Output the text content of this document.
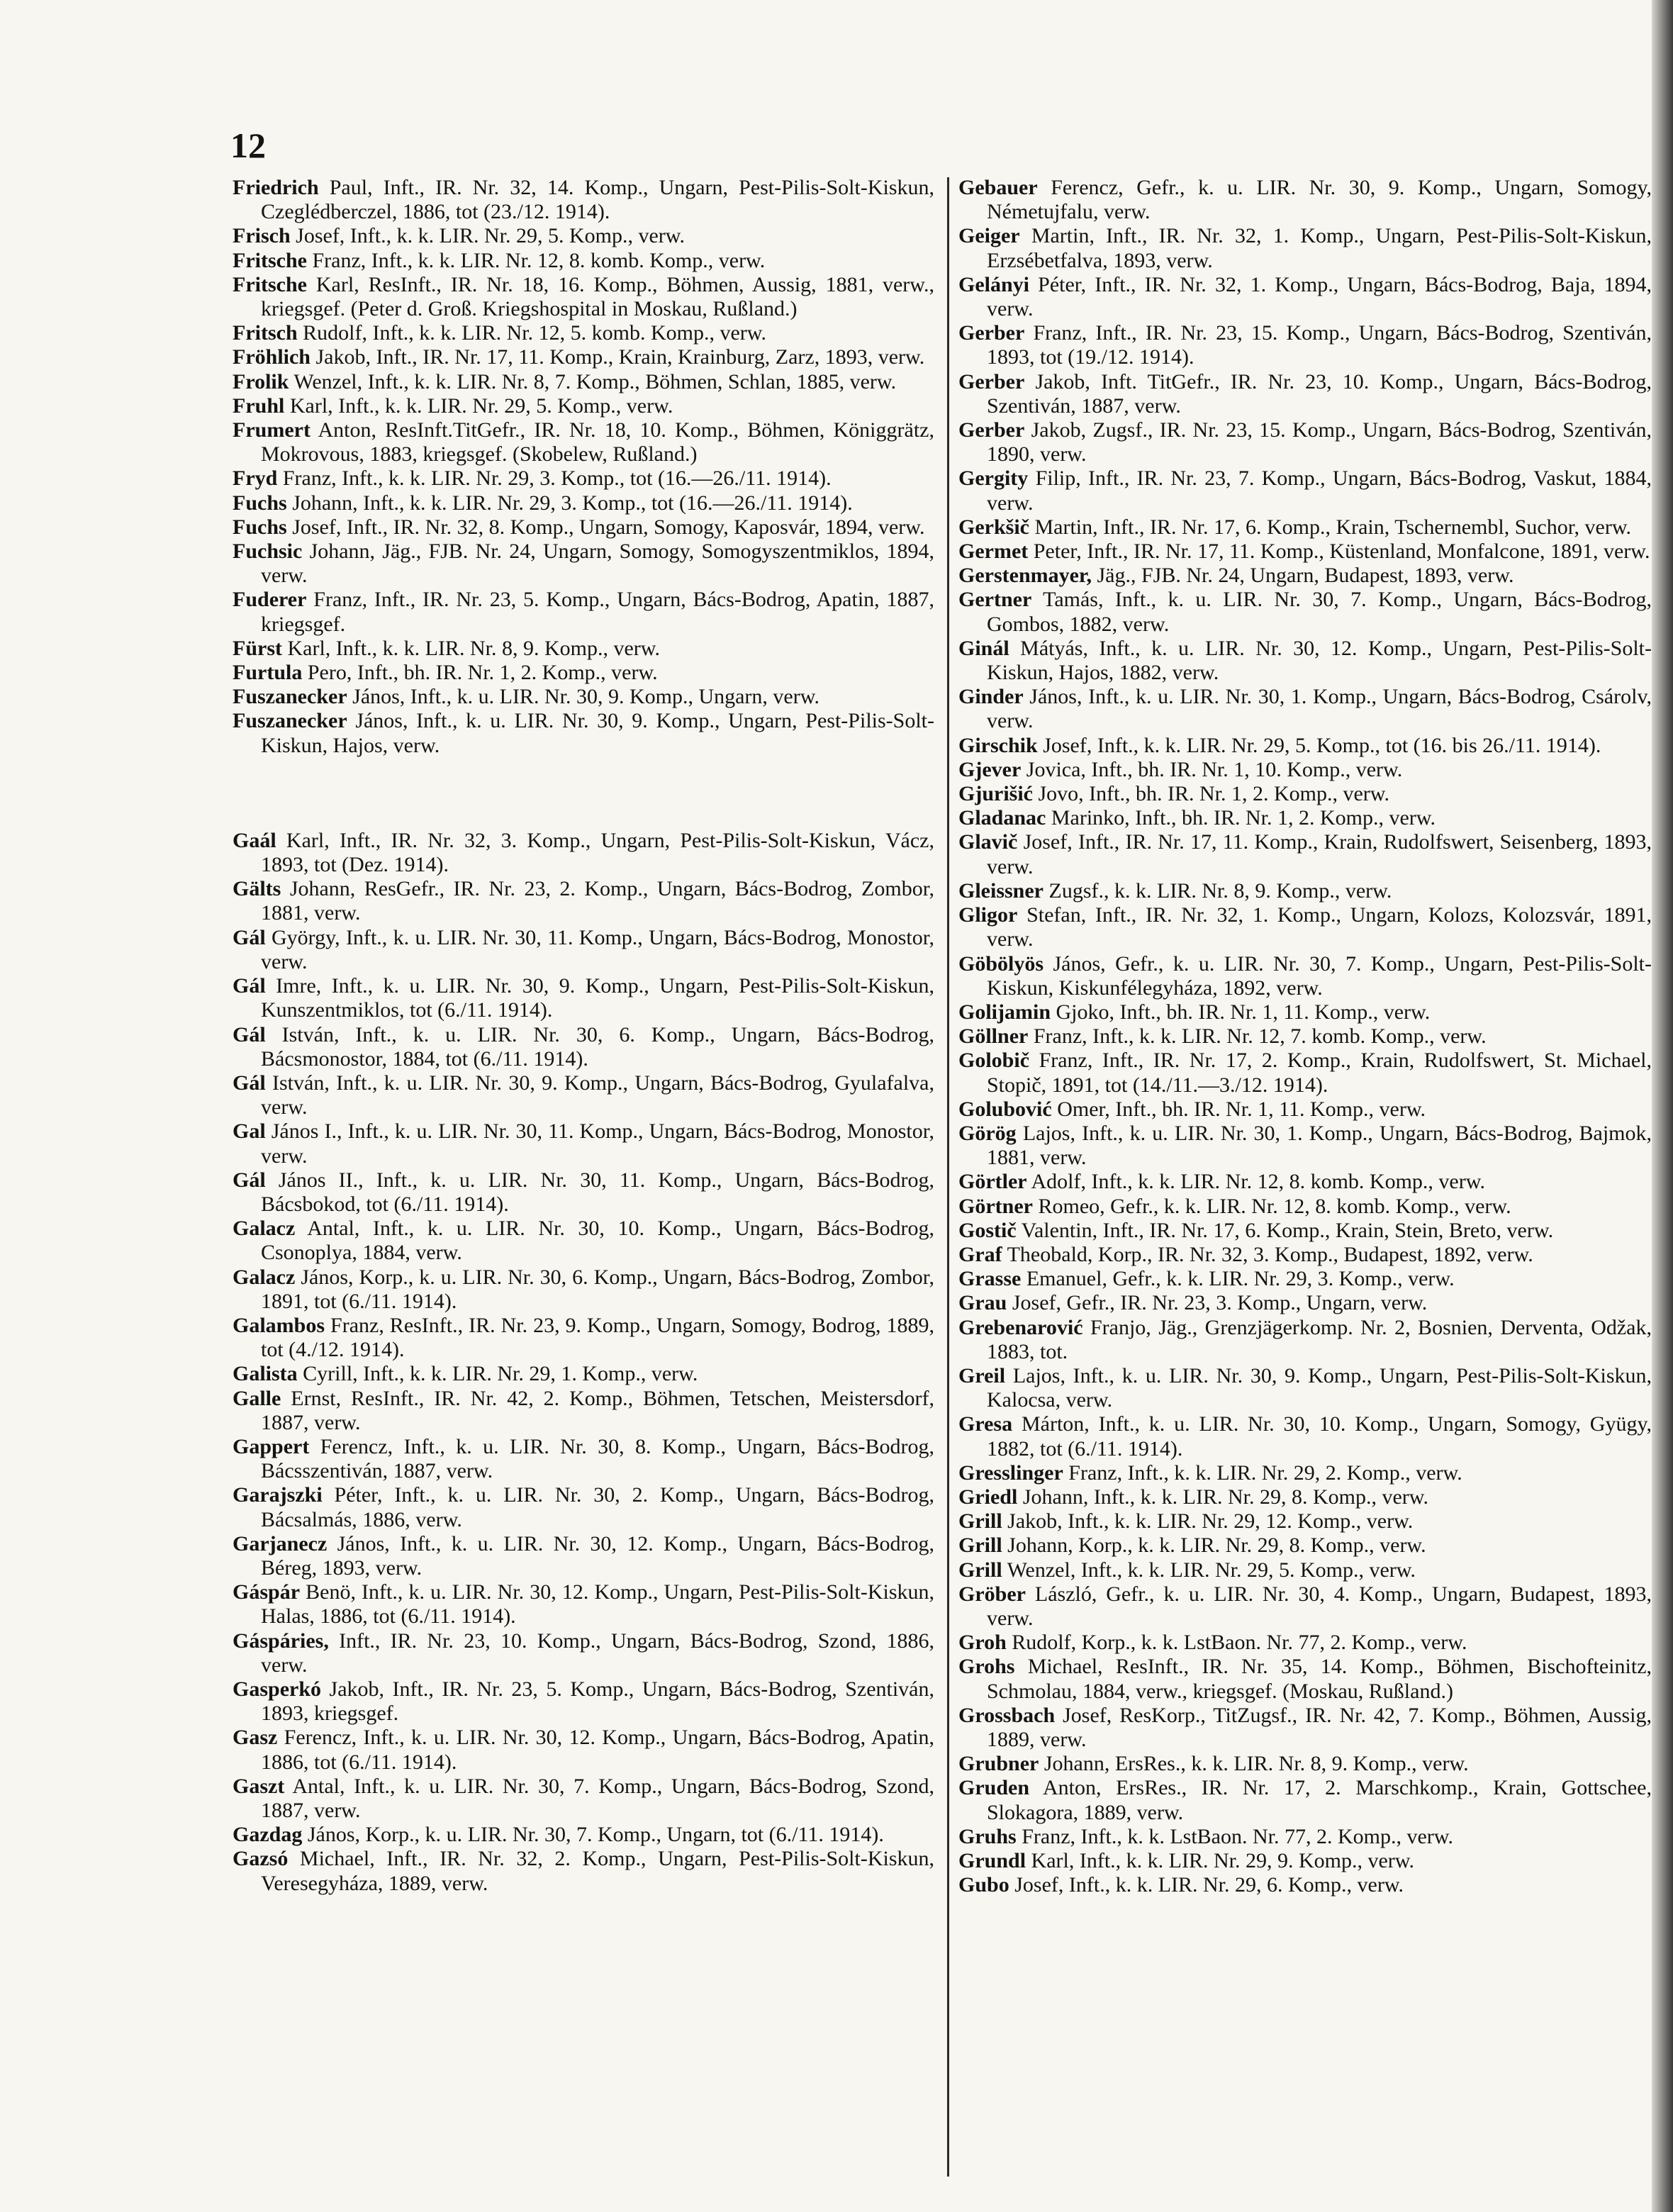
12

Friedrich Paul, Inft., IR. Nr. 32, 14. Komp., Ungarn, Pest-Pilis-Solt-Kiskun, Czeglédberczel, 1886, tot (23./12. 1914).

Frisch Josef, Inft., k. k. LIR. Nr. 29, 5. Komp., verw.

Fritsche Franz, Inft., k. k. LIR. Nr. 12, 8. komb. Komp., verw.

Fritsche Karl, ResInft., IR. Nr. 18, 16. Komp., Böhmen, Aussig, 1881, verw., kriegsgef. (Peter d. Groß. Kriegshospital in Moskau, Rußland.)

Fritsch Rudolf, Inft., k. k. LIR. Nr. 12, 5. komb. Komp., verw.

Fröhlich Jakob, Inft., IR. Nr. 17, 11. Komp., Krain, Krainburg, Zarz, 1893, verw.

Frolik Wenzel, Inft., k. k. LIR. Nr. 8, 7. Komp., Böhmen, Schlan, 1885, verw.

Fruhl Karl, Inft., k. k. LIR. Nr. 29, 5. Komp., verw.

Frumert Anton, ResInft.TitGefr., IR. Nr. 18, 10. Komp., Böhmen, Königgrätz, Mokrovous, 1883, kriegsgef. (Skobelew, Rußland.)

Fryd Franz, Inft., k. k. LIR. Nr. 29, 3. Komp., tot (16.—26./11. 1914).

Fuchs Johann, Inft., k. k. LIR. Nr. 29, 3. Komp., tot (16.—26./11. 1914).

Fuchs Josef, Inft., IR. Nr. 32, 8. Komp., Ungarn, Somogy, Kaposvár, 1894, verw.

Fuchsic Johann, Jäg., FJB. Nr. 24, Ungarn, Somogy, Somogyszentmiklos, 1894, verw.

Fuderer Franz, Inft., IR. Nr. 23, 5. Komp., Ungarn, Bács-Bodrog, Apatin, 1887, kriegsgef.

Fürst Karl, Inft., k. k. LIR. Nr. 8, 9. Komp., verw.

Furtula Pero, Inft., bh. IR. Nr. 1, 2. Komp., verw.

Fuszanecker János, Inft., k. u. LIR. Nr. 30, 9. Komp., Ungarn, verw.

Fuszanecker János, Inft., k. u. LIR. Nr. 30, 9. Komp., Ungarn, Pest-Pilis-Solt-Kiskun, Hajos, verw.

Gaál Karl, Inft., IR. Nr. 32, 3. Komp., Ungarn, Pest-Pilis-Solt-Kiskun, Vácz, 1893, tot (Dez. 1914).

Gälts Johann, ResGefr., IR. Nr. 23, 2. Komp., Ungarn, Bács-Bodrog, Zombor, 1881, verw.

Gál György, Inft., k. u. LIR. Nr. 30, 11. Komp., Ungarn, Bács-Bodrog, Monostor, verw.

Gál Imre, Inft., k. u. LIR. Nr. 30, 9. Komp., Ungarn, Pest-Pilis-Solt-Kiskun, Kunszentmiklos, tot (6./11. 1914).

Gál István, Inft., k. u. LIR. Nr. 30, 6. Komp., Ungarn, Bács-Bodrog, Bácsmonostor, 1884, tot (6./11. 1914).

Gál István, Inft., k. u. LIR. Nr. 30, 9. Komp., Ungarn, Bács-Bodrog, Gyulafalva, verw.

Gal János I., Inft., k. u. LIR. Nr. 30, 11. Komp., Ungarn, Bács-Bodrog, Monostor, verw.

Gál János II., Inft., k. u. LIR. Nr. 30, 11. Komp., Ungarn, Bács-Bodrog, Bácsbokod, tot (6./11. 1914).

Galacz Antal, Inft., k. u. LIR. Nr. 30, 10. Komp., Ungarn, Bács-Bodrog, Csonoplya, 1884, verw.

Galacz János, Korp., k. u. LIR. Nr. 30, 6. Komp., Ungarn, Bács-Bodrog, Zombor, 1891, tot (6./11. 1914).

Galambos Franz, ResInft., IR. Nr. 23, 9. Komp., Ungarn, Somogy, Bodrog, 1889, tot (4./12. 1914).

Galista Cyrill, Inft., k. k. LIR. Nr. 29, 1. Komp., verw.

Galle Ernst, ResInft., IR. Nr. 42, 2. Komp., Böhmen, Tetschen, Meistersdorf, 1887, verw.

Gappert Ferencz, Inft., k. u. LIR. Nr. 30, 8. Komp., Ungarn, Bács-Bodrog, Bácsszentiván, 1887, verw.

Garajszki Péter, Inft., k. u. LIR. Nr. 30, 2. Komp., Ungarn, Bács-Bodrog, Bácsalmás, 1886, verw.

Garjanecz János, Inft., k. u. LIR. Nr. 30, 12. Komp., Ungarn, Bács-Bodrog, Béreg, 1893, verw.

Gáspár Benö, Inft., k. u. LIR. Nr. 30, 12. Komp., Ungarn, Pest-Pilis-Solt-Kiskun, Halas, 1886, tot (6./11. 1914).

Gáspáries, Inft., IR. Nr. 23, 10. Komp., Ungarn, Bács-Bodrog, Szond, 1886, verw.

Gasperkó Jakob, Inft., IR. Nr. 23, 5. Komp., Ungarn, Bács-Bodrog, Szentiván, 1893, kriegsgef.

Gasz Ferencz, Inft., k. u. LIR. Nr. 30, 12. Komp., Ungarn, Bács-Bodrog, Apatin, 1886, tot (6./11. 1914).

Gaszt Antal, Inft., k. u. LIR. Nr. 30, 7. Komp., Ungarn, Bács-Bodrog, Szond, 1887, verw.

Gazdag János, Korp., k. u. LIR. Nr. 30, 7. Komp., Ungarn, tot (6./11. 1914).

Gazsó Michael, Inft., IR. Nr. 32, 2. Komp., Ungarn, Pest-Pilis-Solt-Kiskun, Veresegyháza, 1889, verw.

Gebauer Ferencz, Gefr., k. u. LIR. Nr. 30, 9. Komp., Ungarn, Somogy, Németujfalu, verw.

Geiger Martin, Inft., IR. Nr. 32, 1. Komp., Ungarn, Pest-Pilis-Solt-Kiskun, Erzsébetfalva, 1893, verw.

Gelányi Péter, Inft., IR. Nr. 32, 1. Komp., Ungarn, Bács-Bodrog, Baja, 1894, verw.

Gerber Franz, Inft., IR. Nr. 23, 15. Komp., Ungarn, Bács-Bodrog, Szentiván, 1893, tot (19./12. 1914).

Gerber Jakob, Inft. TitGefr., IR. Nr. 23, 10. Komp., Ungarn, Bács-Bodrog, Szentiván, 1887, verw.

Gerber Jakob, Zugsf., IR. Nr. 23, 15. Komp., Ungarn, Bács-Bodrog, Szentiván, 1890, verw.

Gergity Filip, Inft., IR. Nr. 23, 7. Komp., Ungarn, Bács-Bodrog, Vaskut, 1884, verw.

Gerkšič Martin, Inft., IR. Nr. 17, 6. Komp., Krain, Tschernembl, Suchor, verw.

Germet Peter, Inft., IR. Nr. 17, 11. Komp., Küstenland, Monfalcone, 1891, verw.

Gerstenmayer, Jäg., FJB. Nr. 24, Ungarn, Budapest, 1893, verw.

Gertner Tamás, Inft., k. u. LIR. Nr. 30, 7. Komp., Ungarn, Bács-Bodrog, Gombos, 1882, verw.

Ginál Mátyás, Inft., k. u. LIR. Nr. 30, 12. Komp., Ungarn, Pest-Pilis-Solt-Kiskun, Hajos, 1882, verw.

Ginder János, Inft., k. u. LIR. Nr. 30, 1. Komp., Ungarn, Bács-Bodrog, Csárolv, verw.

Girschik Josef, Inft., k. k. LIR. Nr. 29, 5. Komp., tot (16. bis 26./11. 1914).

Gjever Jovica, Inft., bh. IR. Nr. 1, 10. Komp., verw.

Gjurišić Jovo, Inft., bh. IR. Nr. 1, 2. Komp., verw.

Gladanac Marinko, Inft., bh. IR. Nr. 1, 2. Komp., verw.

Glavič Josef, Inft., IR. Nr. 17, 11. Komp., Krain, Rudolfswert, Seisenberg, 1893, verw.

Gleissner Zugsf., k. k. LIR. Nr. 8, 9. Komp., verw.

Gligor Stefan, Inft., IR. Nr. 32, 1. Komp., Ungarn, Kolozs, Kolozsvár, 1891, verw.

Göbölyös János, Gefr., k. u. LIR. Nr. 30, 7. Komp., Ungarn, Pest-Pilis-Solt-Kiskun, Kiskunfélegyháza, 1892, verw.

Golijamin Gjoko, Inft., bh. IR. Nr. 1, 11. Komp., verw.

Göllner Franz, Inft., k. k. LIR. Nr. 12, 7. komb. Komp., verw.

Golobič Franz, Inft., IR. Nr. 17, 2. Komp., Krain, Rudolfswert, St. Michael, Stopič, 1891, tot (14./11.—3./12. 1914).

Golubović Omer, Inft., bh. IR. Nr. 1, 11. Komp., verw.

Görög Lajos, Inft., k. u. LIR. Nr. 30, 1. Komp., Ungarn, Bács-Bodrog, Bajmok, 1881, verw.

Görtler Adolf, Inft., k. k. LIR. Nr. 12, 8. komb. Komp., verw.

Görtner Romeo, Gefr., k. k. LIR. Nr. 12, 8. komb. Komp., verw.

Gostič Valentin, Inft., IR. Nr. 17, 6. Komp., Krain, Stein, Breto, verw.

Graf Theobald, Korp., IR. Nr. 32, 3. Komp., Budapest, 1892, verw.

Grasse Emanuel, Gefr., k. k. LIR. Nr. 29, 3. Komp., verw.

Grau Josef, Gefr., IR. Nr. 23, 3. Komp., Ungarn, verw.

Grebenarović Franjo, Jäg., Grenzjägerkomp. Nr. 2, Bosnien, Derventa, Odžak, 1883, tot.

Greil Lajos, Inft., k. u. LIR. Nr. 30, 9. Komp., Ungarn, Pest-Pilis-Solt-Kiskun, Kalocsa, verw.

Gresa Márton, Inft., k. u. LIR. Nr. 30, 10. Komp., Ungarn, Somogy, Gyügy, 1882, tot (6./11. 1914).

Gresslinger Franz, Inft., k. k. LIR. Nr. 29, 2. Komp., verw.

Griedl Johann, Inft., k. k. LIR. Nr. 29, 8. Komp., verw.

Grill Jakob, Inft., k. k. LIR. Nr. 29, 12. Komp., verw.

Grill Johann, Korp., k. k. LIR. Nr. 29, 8. Komp., verw.

Grill Wenzel, Inft., k. k. LIR. Nr. 29, 5. Komp., verw.

Gröber László, Gefr., k. u. LIR. Nr. 30, 4. Komp., Ungarn, Budapest, 1893, verw.

Groh Rudolf, Korp., k. k. LstBaon. Nr. 77, 2. Komp., verw.

Grohs Michael, ResInft., IR. Nr. 35, 14. Komp., Böhmen, Bischofteinitz, Schmolau, 1884, verw., kriegsgef. (Moskau, Rußland.)

Grossbach Josef, ResKorp., TitZugsf., IR. Nr. 42, 7. Komp., Böhmen, Aussig, 1889, verw.

Grubner Johann, ErsRes., k. k. LIR. Nr. 8, 9. Komp., verw.

Gruden Anton, ErsRes., IR. Nr. 17, 2. Marschkomp., Krain, Gottschee, Slokagora, 1889, verw.

Gruhs Franz, Inft., k. k. LstBaon. Nr. 77, 2. Komp., verw.

Grundl Karl, Inft., k. k. LIR. Nr. 29, 9. Komp., verw.

Gubo Josef, Inft., k. k. LIR. Nr. 29, 6. Komp., verw.
